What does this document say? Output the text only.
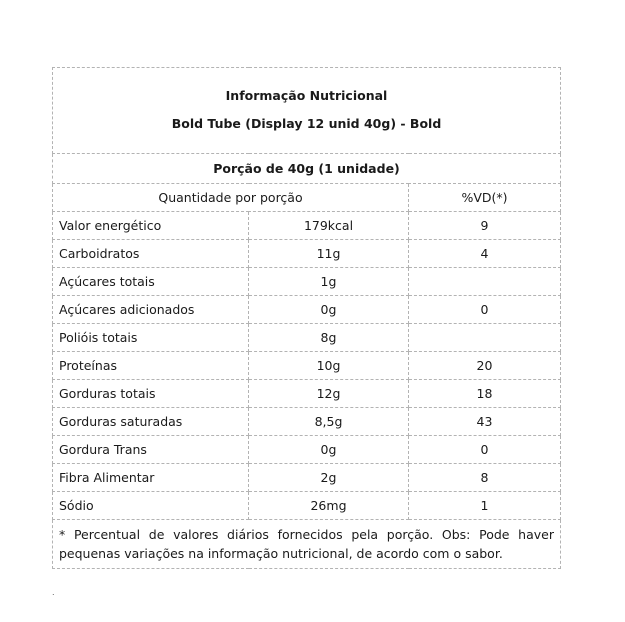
Informação Nutricional
Bold Tube (Display 12 unid 40g) - Bold		

Porção de 40g (1 unidade)		
Quantidade por porção		%VD(*)
Valor energético	179kcal	9
Carboidratos	11g	4
Açúcares totais	1g	
Açúcares adicionados	0g	0
Polióis totais	8g	
Proteínas	10g	20
Gorduras totais	12g	18
Gorduras saturadas	8,5g	43
Gordura Trans	0g	0
Fibra Alimentar	2g	8
Sódio	26mg	1
* Percentual de valores diários fornecidos pela porção. Obs: Pode haver pequenas variações na informação nutricional, de acordo com o sabor.		
.
